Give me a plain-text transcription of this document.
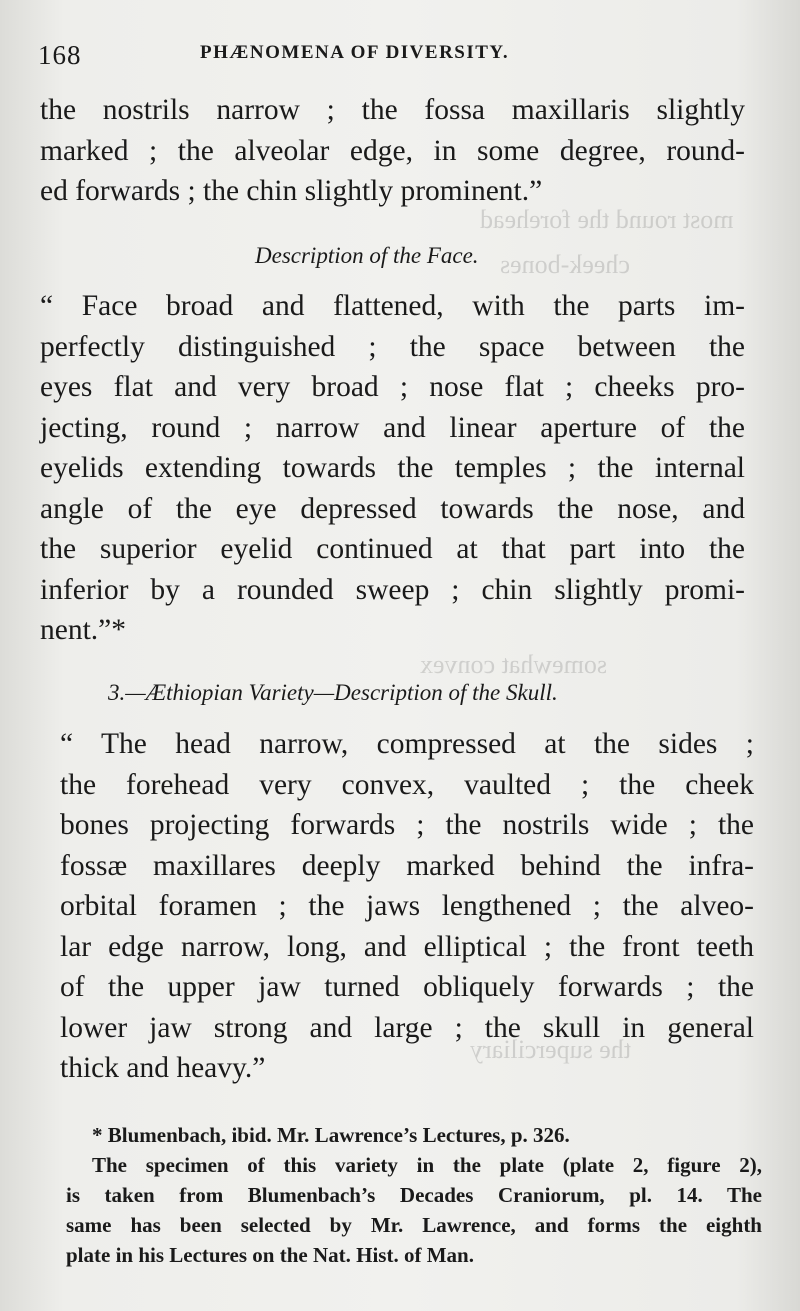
most round the forehead
cheek-bones
somewhat convex
the superciliary
168	PHÆNOMENA OF DIVERSITY.
the nostrils narrow ; the fossa maxillaris slightly
marked ; the alveolar edge, in some degree, round-
ed forwards ; the chin slightly prominent.”
Description of the Face.
“ Face broad and flattened, with the parts im-
perfectly distinguished ; the space between the
eyes flat and very broad ; nose flat ; cheeks pro-
jecting, round ; narrow and linear aperture of the
eyelids extending towards the temples ; the internal
angle of the eye depressed towards the nose, and
the superior eyelid continued at that part into the
inferior by a rounded sweep ; chin slightly promi-
nent.”*
3.—Æthiopian Variety—Description of the Skull.
“ The head narrow, compressed at the sides ;
the forehead very convex, vaulted ; the cheek
bones projecting forwards ; the nostrils wide ; the
fossæ maxillares deeply marked behind the infra-
orbital foramen ; the jaws lengthened ; the alveo-
lar edge narrow, long, and elliptical ; the front teeth
of the upper jaw turned obliquely forwards ; the
lower jaw strong and large ; the skull in general
thick and heavy.”
* Blumenbach, ibid. Mr. Lawrence’s Lectures, p. 326.
The specimen of this variety in the plate (plate 2, figure 2),
is taken from Blumenbach’s Decades Craniorum, pl. 14. The
same has been selected by Mr. Lawrence, and forms the eighth
plate in his Lectures on the Nat. Hist. of Man.
